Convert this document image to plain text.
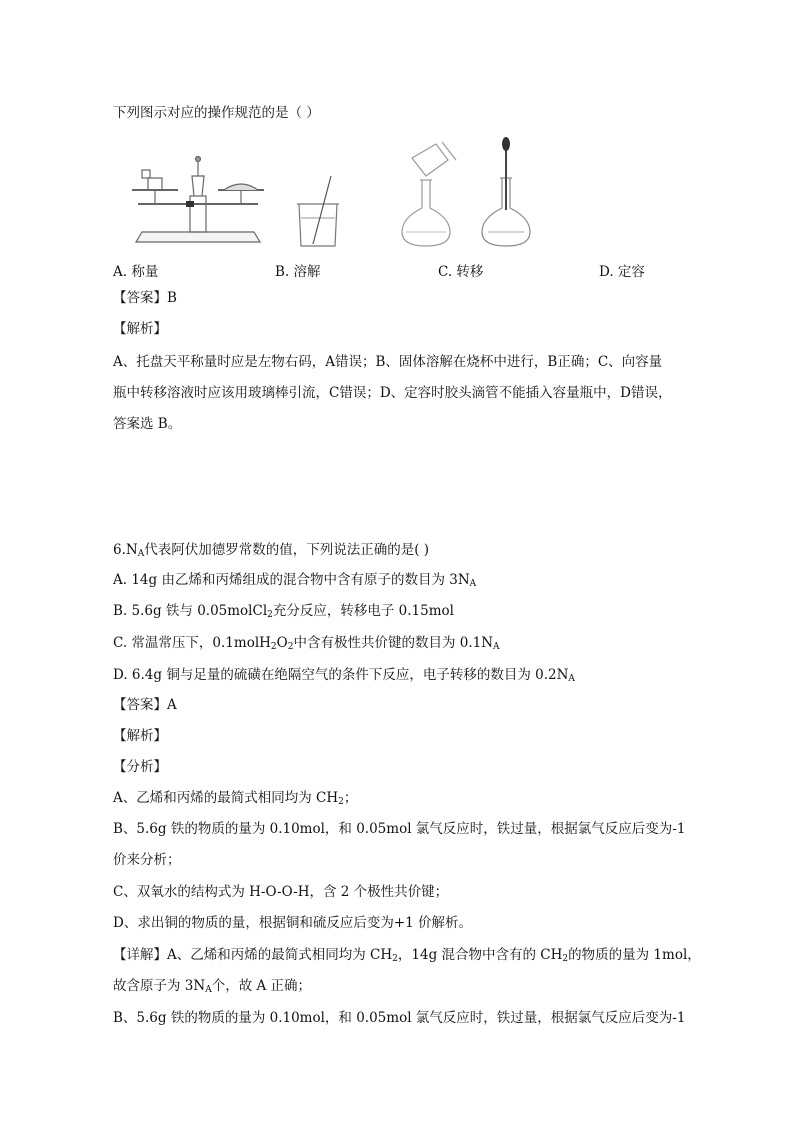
下列图示对应的操作规范的是（ ）
A. 称量	B. 溶解	C. 转移	D. 定容
【答案】B
【解析】
A、托盘天平称量时应是左物右码，A错误；B、固体溶解在烧杯中进行，B正确；C、向容量
瓶中转移溶液时应该用玻璃棒引流，C错误；D、定容时胶头滴管不能插入容量瓶中，D错误，
答案选 B。
$6.N_A$代表阿伏加德罗常数的值，下列说法正确的是( )
A. 14g 由乙烯和丙烯组成的混合物中含有原子的数目为 $3N_A$
B. 5.6g 铁与 0.05molCl$_2$充分反应，转移电子 0.15mol
C. 常温常压下，$0.1molH_2O_2$中含有极性共价键的数目为 $0.1N_A$
D. 6.4g 铜与足量的硫磺在绝隔空气的条件下反应，电子转移的数目为 $0.2N_A$
【答案】A
【解析】
【分析】
A、乙烯和丙烯的最简式相同均为 $CH_2$；
B、5.6g 铁的物质的量为 0.10mol，和 0.05mol 氯气反应时，铁过量，根据氯气反应后变为-1
价来分析；
C、双氧水的结构式为 H-O-O-H，含 2 个极性共价键；
D、求出铜的物质的量，根据铜和硫反应后变为+1 价解析。
【详解】A、乙烯和丙烯的最简式相同均为 $CH_2$，14g 混合物中含有的 $CH_2$的物质的量为 1mol，
故含原子为 $3N_A$个，故 A 正确；
B、5.6g 铁的物质的量为 0.10mol，和 0.05mol 氯气反应时，铁过量，根据氯气反应后变为-1
